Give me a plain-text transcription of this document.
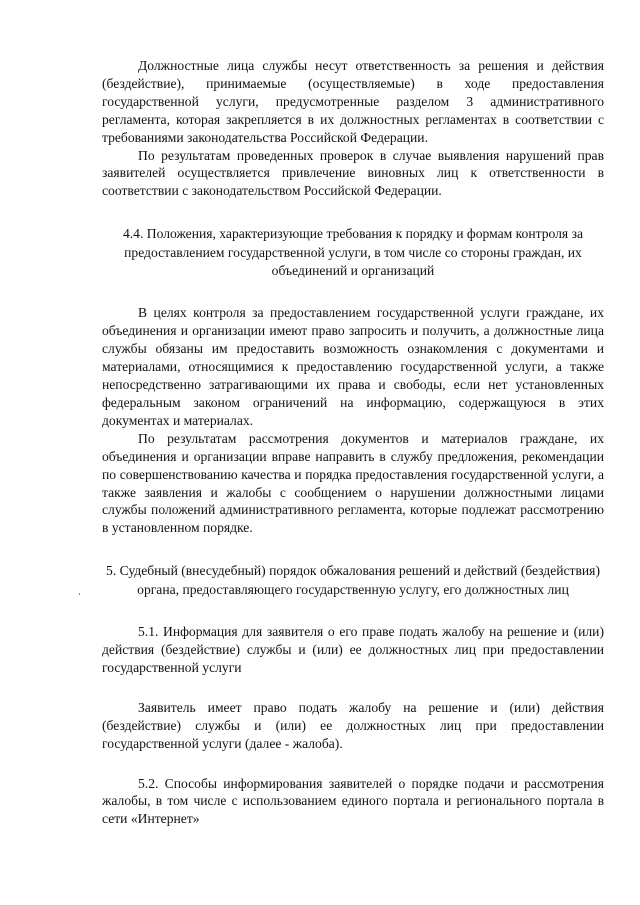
Должностные лица службы несут ответственность за решения и действия (бездействие), принимаемые (осуществляемые) в ходе предоставления государственной услуги, предусмотренные разделом 3 административного регламента, которая закрепляется в их должностных регламентах в соответствии с требованиями законодательства Российской Федерации.

По результатам проведенных проверок в случае выявления нарушений прав заявителей осуществляется привлечение виновных лиц к ответственности в соответствии с законодательством Российской Федерации.

4.4. Положения, характеризующие требования к порядку и формам контроля за предоставлением государственной услуги, в том числе со стороны граждан, их объединений и организаций

В целях контроля за предоставлением государственной услуги граждане, их объединения и организации имеют право запросить и получить, а должностные лица службы обязаны им предоставить возможность ознакомления с документами и материалами, относящимися к предоставлению государственной услуги, а также непосредственно затрагивающими их права и свободы, если нет установленных федеральным законом ограничений на информацию, содержащуюся в этих документах и материалах.

По результатам рассмотрения документов и материалов граждане, их объединения и организации вправе направить в службу предложения, рекомендации по совершенствованию качества и порядка предоставления государственной услуги, а также заявления и жалобы с сообщением о нарушении должностными лицами службы положений административного регламента, которые подлежат рассмотрению в установленном порядке.

5. Судебный (внесудебный) порядок обжалования решений и действий (бездействия) органа, предоставляющего государственную услугу, его должностных лиц

5.1. Информация для заявителя о его праве подать жалобу на решение и (или) действия (бездействие) службы и (или) ее должностных лиц при предоставлении государственной услуги

Заявитель имеет право подать жалобу на решение и (или) действия (бездействие) службы и (или) ее должностных лиц при предоставлении государственной услуги (далее - жалоба).

5.2. Способы информирования заявителей о порядке подачи и рассмотрения жалобы, в том числе с использованием единого портала и регионального портала в сети «Интернет»
